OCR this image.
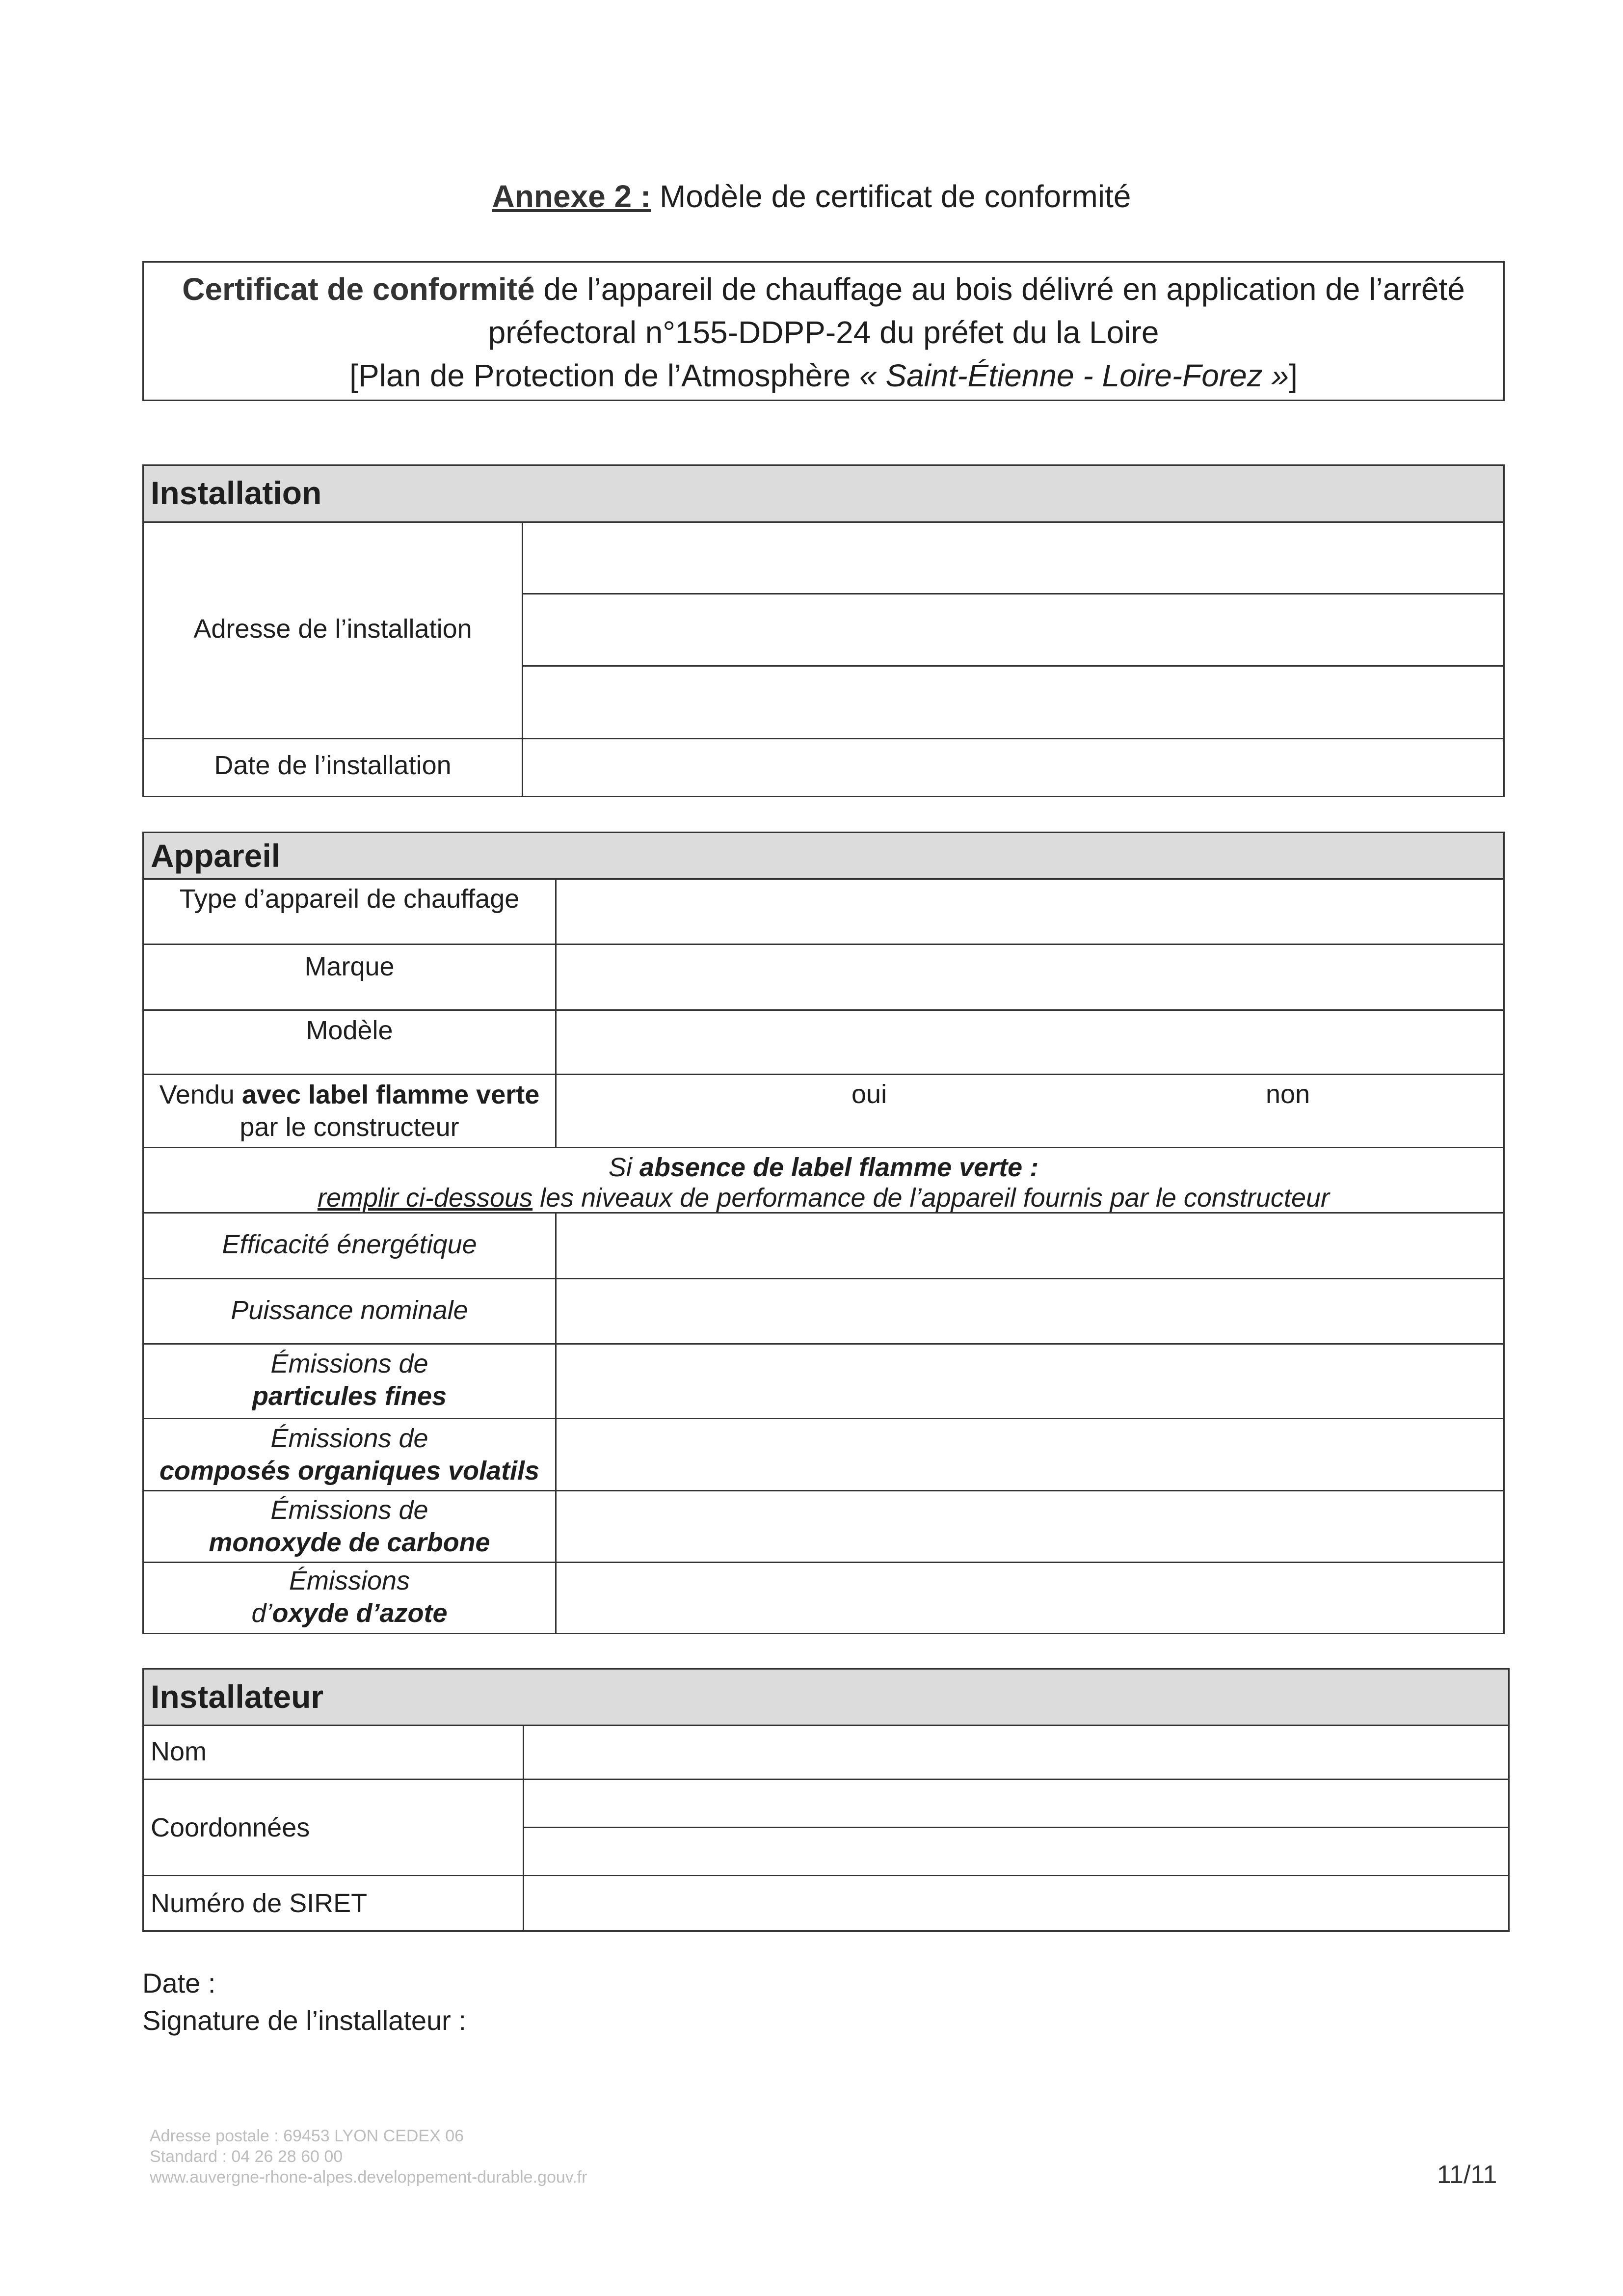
Annexe 2 : Modèle de certificat de conformité
Certificat de conformité de l’appareil de chauffage au bois délivré en application de l’arrêté
préfectoral n°155-DDPP-24 du préfet du la Loire
[Plan de Protection de l’Atmosphère « Saint-Étienne - Loire-Forez »]
Installation
Adresse de l’installation
Date de l’installation
Appareil
Type d’appareil de chauffage
Marque
Modèle
Vendu avec label flamme verte
par le constructeur
oui	non
Si absence de label flamme verte :
remplir ci-dessous les niveaux de performance de l’appareil fournis par le constructeur
Efficacité énergétique
Puissance nominale
Émissions de
particules fines
Émissions de
composés organiques volatils
Émissions de
monoxyde de carbone
Émissions
d’oxyde d’azote
Installateur
Nom
Coordonnées
Numéro de SIRET
Date :
Signature de l’installateur :
Adresse postale : 69453 LYON CEDEX 06
Standard : 04 26 28 60 00
www.auvergne-rhone-alpes.developpement-durable.gouv.fr	11/11
